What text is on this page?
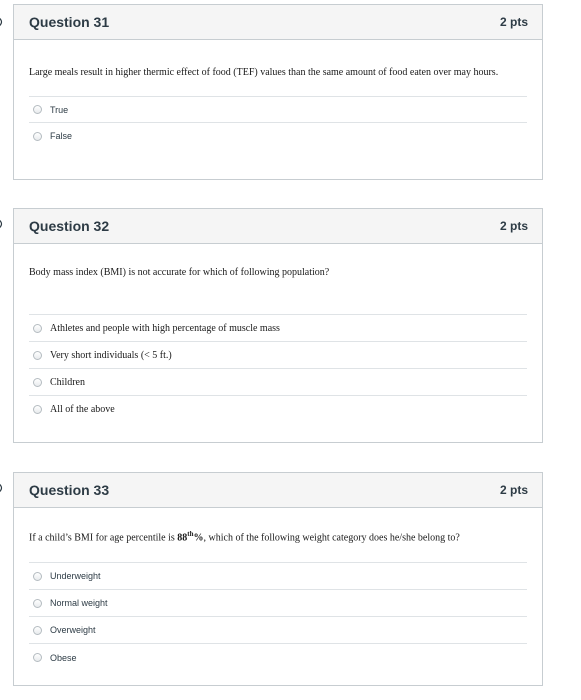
Question 31	2 pts
Large meals result in higher thermic effect of food (TEF) values than the same amount of food eaten over may hours.
True
False
Question 32	2 pts
Body mass index (BMI) is not accurate for which of following population?
Athletes and people with high percentage of muscle mass
Very short individuals (< 5 ft.)
Children
All of the above
Question 33	2 pts
If a child’s BMI for age percentile is 88th%, which of the following weight category does he/she belong to?
Underweight
Normal weight
Overweight
Obese
